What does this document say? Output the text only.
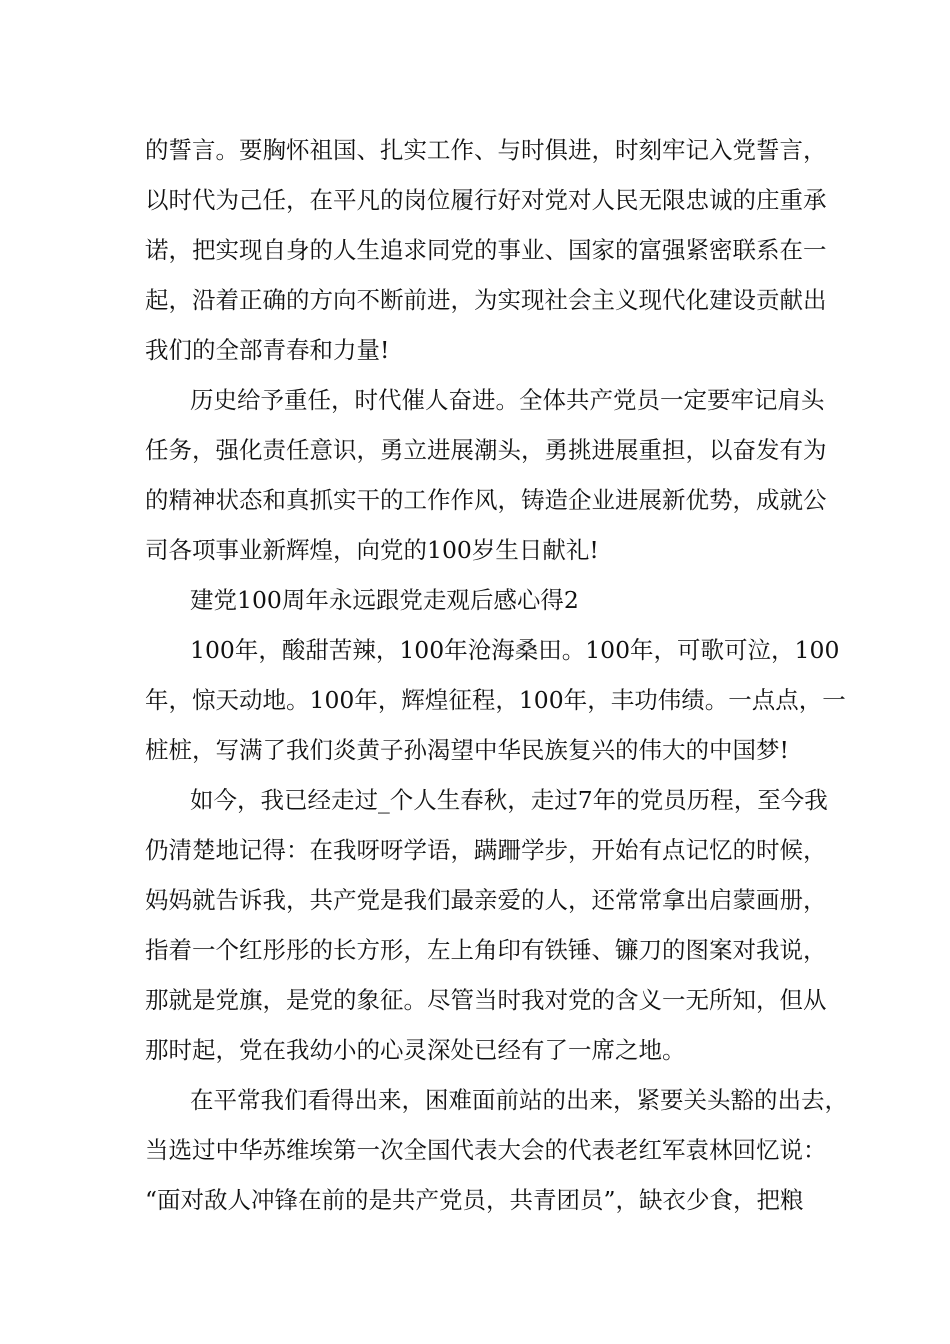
的誓言。要胸怀祖国、扎实工作、与时俱进，时刻牢记入党誓言，
以时代为己任，在平凡的岗位履行好对党对人民无限忠诚的庄重承
诺，把实现自身的人生追求同党的事业、国家的富强紧密联系在一
起，沿着正确的方向不断前进，为实现社会主义现代化建设贡献出
我们的全部青春和力量!
历史给予重任，时代催人奋进。全体共产党员一定要牢记肩头
任务，强化责任意识，勇立进展潮头，勇挑进展重担，以奋发有为
的精神状态和真抓实干的工作作风，铸造企业进展新优势，成就公
司各项事业新辉煌，向党的100岁生日献礼!
建党100周年永远跟党走观后感心得2
100年，酸甜苦辣，100年沧海桑田。100年，可歌可泣，100
年，惊天动地。100年，辉煌征程，100年，丰功伟绩。一点点，一
桩桩，写满了我们炎黄子孙渴望中华民族复兴的伟大的中国梦!
如今，我已经走过_个人生春秋，走过7年的党员历程，至今我
仍清楚地记得：在我呀呀学语，蹒跚学步，开始有点记忆的时候，
妈妈就告诉我，共产党是我们最亲爱的人，还常常拿出启蒙画册，
指着一个红彤彤的长方形，左上角印有铁锤、镰刀的图案对我说，
那就是党旗，是党的象征。尽管当时我对党的含义一无所知，但从
那时起，党在我幼小的心灵深处已经有了一席之地。
在平常我们看得出来，困难面前站的出来，紧要关头豁的出去，
当选过中华苏维埃第一次全国代表大会的代表老红军袁林回忆说：
“面对敌人冲锋在前的是共产党员，共青团员”，缺衣少食，把粮
